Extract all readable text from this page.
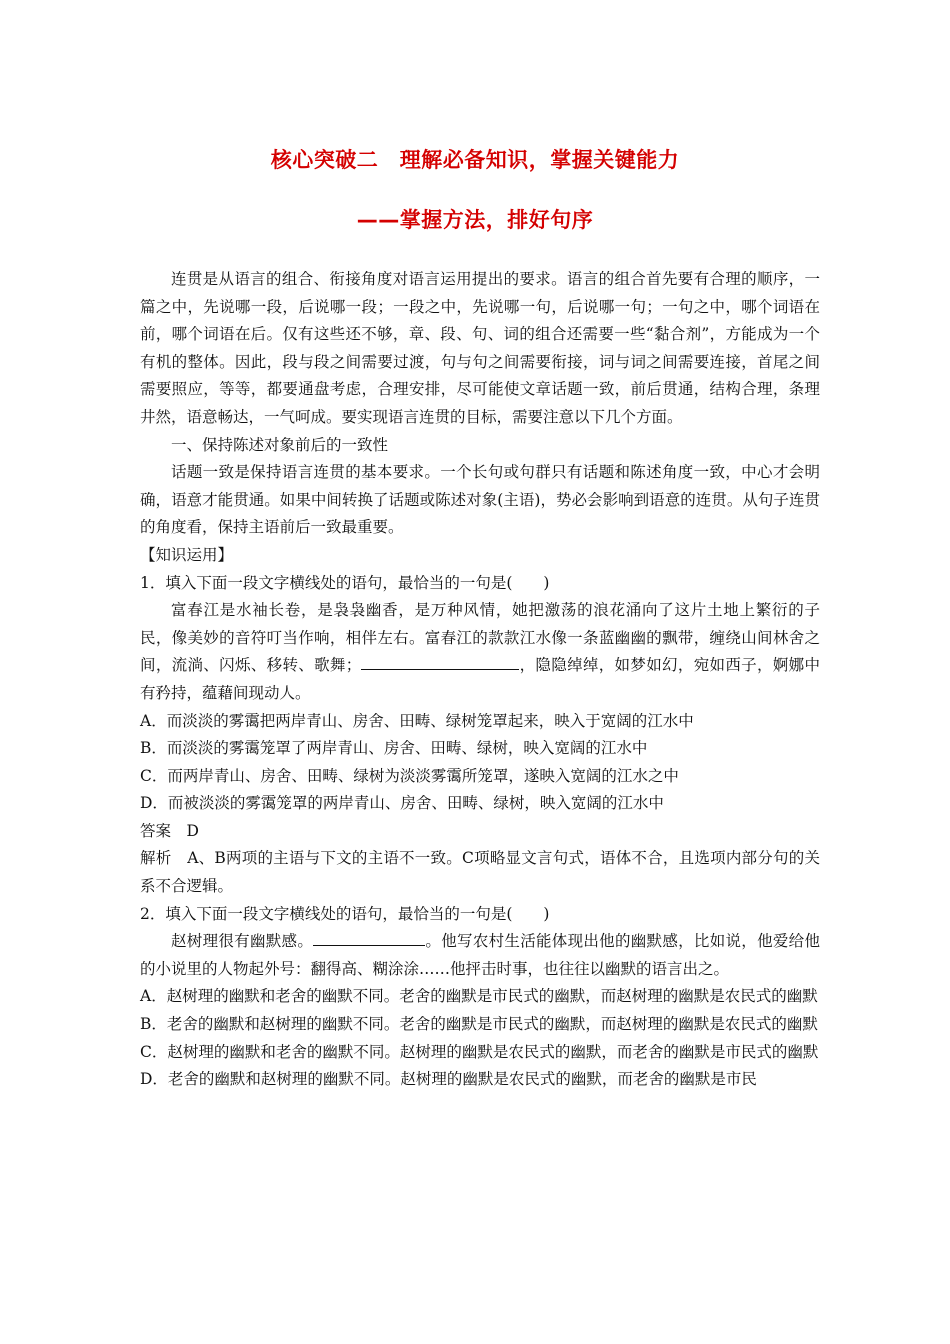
核心突破二　理解必备知识，掌握关键能力
——掌握方法，排好句序

连贯是从语言的组合、衔接角度对语言运用提出的要求。语言的组合首先要有合理的顺序，一篇之中，先说哪一段，后说哪一段；一段之中，先说哪一句，后说哪一句；一句之中，哪个词语在前，哪个词语在后。仅有这些还不够，章、段、句、词的组合还需要一些“黏合剂”，方能成为一个有机的整体。因此，段与段之间需要过渡，句与句之间需要衔接，词与词之间需要连接，首尾之间需要照应，等等，都要通盘考虑，合理安排，尽可能使文章话题一致，前后贯通，结构合理，条理井然，语意畅达，一气呵成。要实现语言连贯的目标，需要注意以下几个方面。

一、保持陈述对象前后的一致性

话题一致是保持语言连贯的基本要求。一个长句或句群只有话题和陈述角度一致，中心才会明确，语意才能贯通。如果中间转换了话题或陈述对象(主语)，势必会影响到语意的连贯。从句子连贯的角度看，保持主语前后一致最重要。

【知识运用】

1．填入下面一段文字横线处的语句，最恰当的一句是(　　)

富春江是水袖长卷，是袅袅幽香，是万种风情，她把激荡的浪花涌向了这片土地上繁衍的子民，像美妙的音符叮当作响，相伴左右。富春江的款款江水像一条蓝幽幽的飘带，缠绕山间林舍之间，流淌、闪烁、移转、歌舞；	，隐隐绰绰，如梦如幻，宛如西子，婀娜中有矜持，蕴藉间现动人。

A．而淡淡的雾霭把两岸青山、房舍、田畴、绿树笼罩起来，映入于宽阔的江水中

B．而淡淡的雾霭笼罩了两岸青山、房舍、田畴、绿树，映入宽阔的江水中

C．而两岸青山、房舍、田畴、绿树为淡淡雾霭所笼罩，遂映入宽阔的江水之中

D．而被淡淡的雾霭笼罩的两岸青山、房舍、田畴、绿树，映入宽阔的江水中

答案　D

解析　A、B两项的主语与下文的主语不一致。C项略显文言句式，语体不合，且选项内部分句的关系不合逻辑。

2．填入下面一段文字横线处的语句，最恰当的一句是(　　)

赵树理很有幽默感。	。他写农村生活能体现出他的幽默感，比如说，他爱给他的小说里的人物起外号：翻得高、糊涂涂……他抨击时事，也往往以幽默的语言出之。

A．赵树理的幽默和老舍的幽默不同。老舍的幽默是市民式的幽默，而赵树理的幽默是农民式的幽默

B．老舍的幽默和赵树理的幽默不同。老舍的幽默是市民式的幽默，而赵树理的幽默是农民式的幽默

C．赵树理的幽默和老舍的幽默不同。赵树理的幽默是农民式的幽默，而老舍的幽默是市民式的幽默

D．老舍的幽默和赵树理的幽默不同。赵树理的幽默是农民式的幽默，而老舍的幽默是市民
